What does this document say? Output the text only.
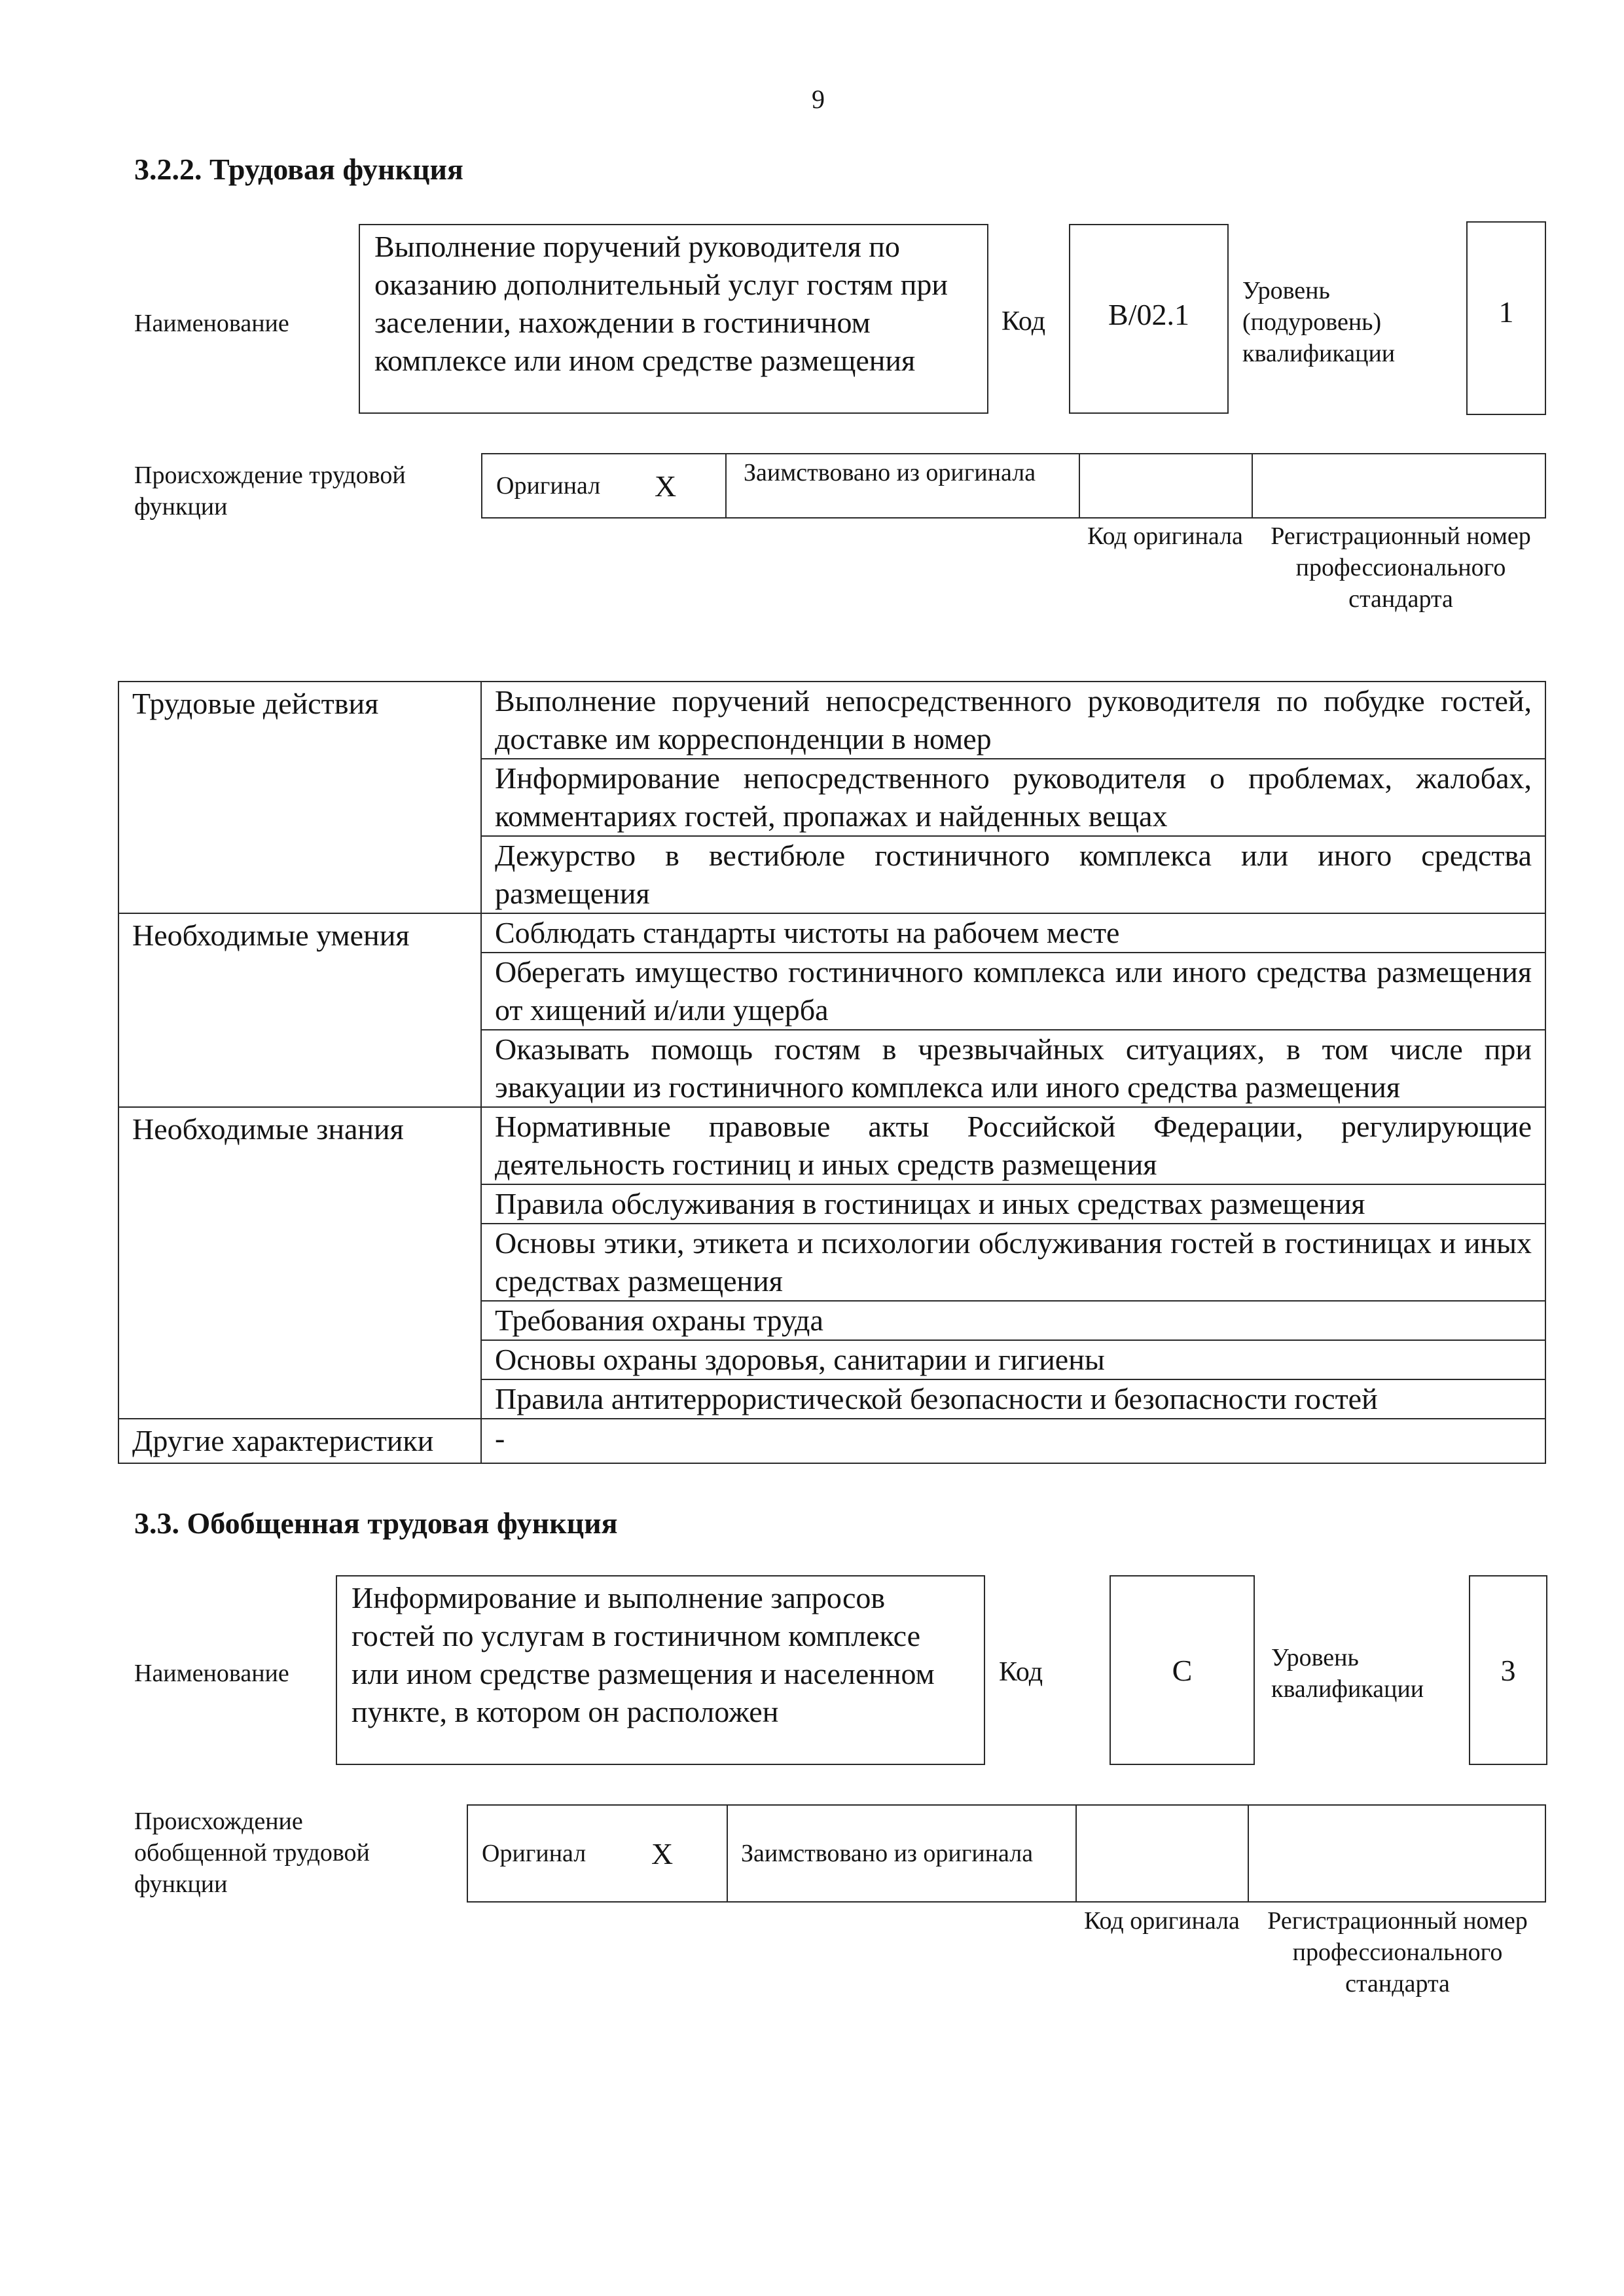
9
3.2.2. Трудовая функция
Наименование
Выполнение поручений руководителя по оказанию дополнительный услуг гостям при заселении, нахождении в гостиничном комплексе или ином средстве размещения
Код B/02.1
Уровень (подуровень) квалификации
1
Происхождение трудовой функции
Оригинал X	Заимствовано из оригинала
Код оригинала Регистрационный номер профессионального стандарта
Трудовые действия	Выполнение поручений непосредственного руководителя по побудке гостей, доставке им корреспонденции в номер
	Информирование непосредственного руководителя о проблемах, жалобах, комментариях гостей, пропажах и найденных вещах
	Дежурство в вестибюле гостиничного комплекса или иного средства размещения
Необходимые умения	Соблюдать стандарты чистоты на рабочем месте
	Оберегать имущество гостиничного комплекса или иного средства размещения от хищений и/или ущерба
	Оказывать помощь гостям в чрезвычайных ситуациях, в том числе при эвакуации из гостиничного комплекса или иного средства размещения
Необходимые знания	Нормативные правовые акты Российской Федерации, регулирующие деятельность гостиниц и иных средств размещения
	Правила обслуживания в гостиницах и иных средствах размещения
	Основы этики, этикета и психологии обслуживания гостей в гостиницах и иных средствах размещения
	Требования охраны труда
	Основы охраны здоровья, санитарии и гигиены
	Правила антитеррористической безопасности и безопасности гостей
Другие характеристики	-
3.3. Обобщенная трудовая функция
Наименование
Информирование и выполнение запросов гостей по услугам в гостиничном комплексе или ином средстве размещения и населенном пункте, в котором он расположен
Код	C	Уровень квалификации
3
Происхождение обобщенной трудовой функции
Оригинал X	Заимствовано из оригинала
Код оригинала Регистрационный номер профессионального стандарта
